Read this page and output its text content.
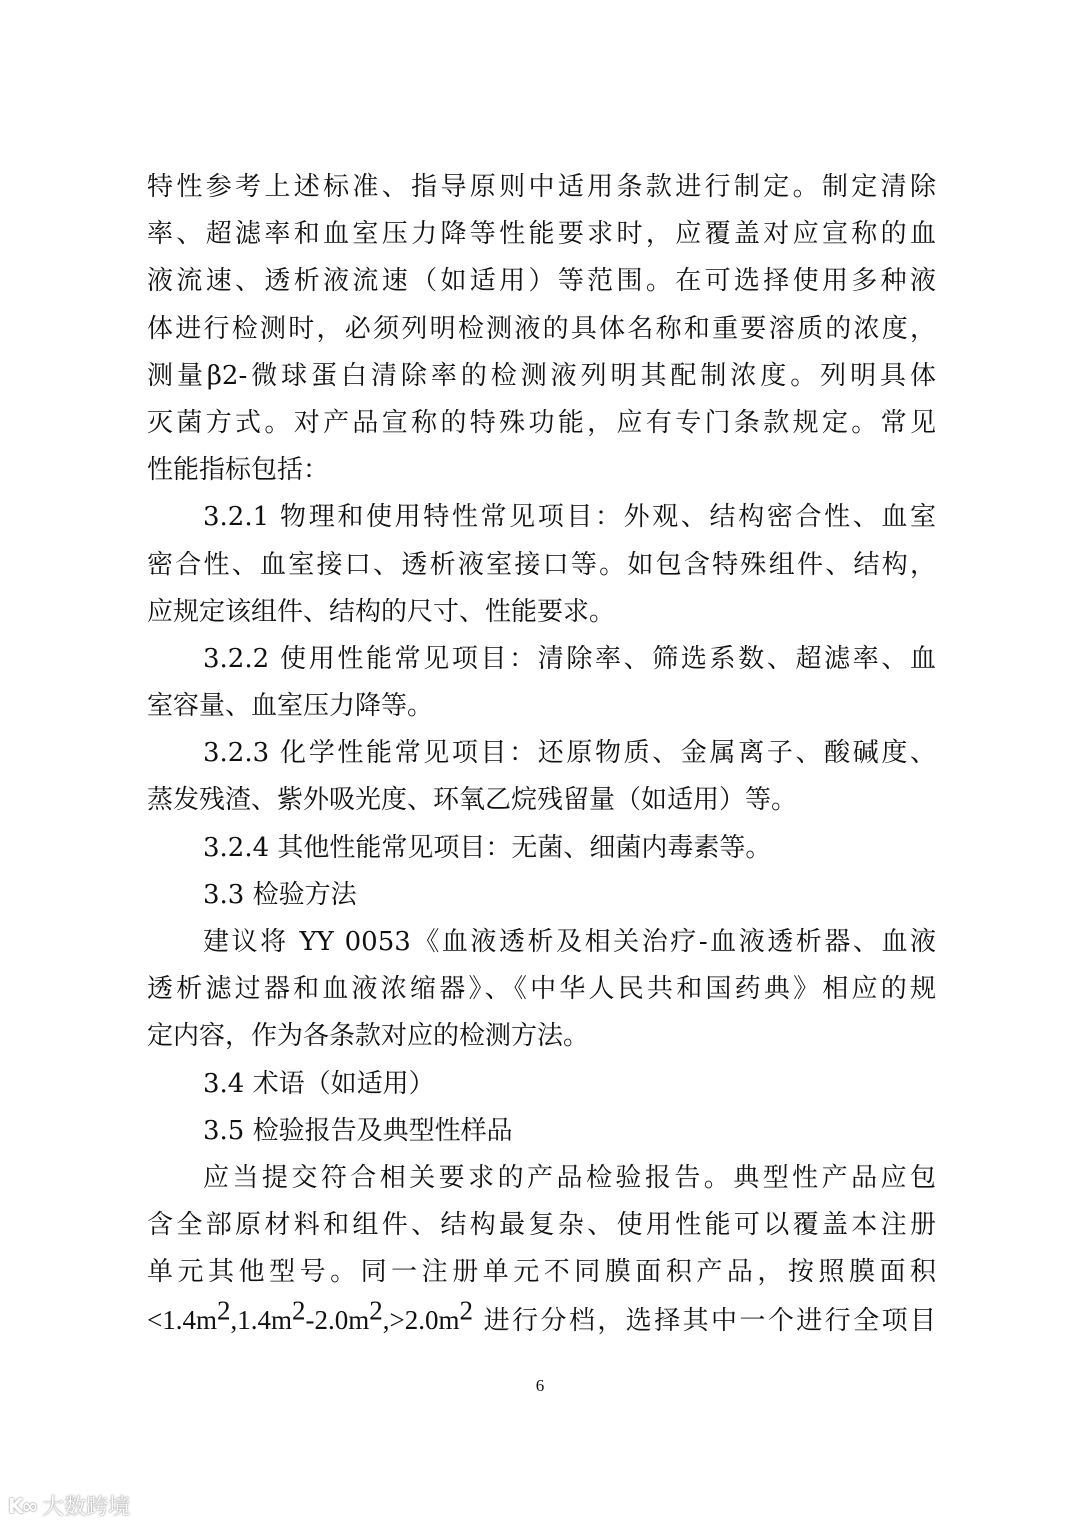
特性参考上述标准、指导原则中适用条款进行制定。制定清除
率、超滤率和血室压力降等性能要求时，应覆盖对应宣称的血
液流速、透析液流速（如适用）等范围。在可选择使用多种液
体进行检测时，必须列明检测液的具体名称和重要溶质的浓度，
测量β2-微球蛋白清除率的检测液列明其配制浓度。列明具体
灭菌方式。对产品宣称的特殊功能，应有专门条款规定。常见
性能指标包括：
3.2.1 物理和使用特性常见项目：外观、结构密合性、血室
密合性、血室接口、透析液室接口等。如包含特殊组件、结构，
应规定该组件、结构的尺寸、性能要求。
3.2.2 使用性能常见项目：清除率、筛选系数、超滤率、血
室容量、血室压力降等。
3.2.3 化学性能常见项目：还原物质、金属离子、酸碱度、
蒸发残渣、紫外吸光度、环氧乙烷残留量（如适用）等。
3.2.4 其他性能常见项目：无菌、细菌内毒素等。
3.3 检验方法
建议将 YY 0053《血液透析及相关治疗-血液透析器、血液
透析滤过器和血液浓缩器》、《中华人民共和国药典》相应的规
定内容，作为各条款对应的检测方法。
3.4 术语（如适用）
3.5 检验报告及典型性样品
应当提交符合相关要求的产品检验报告。典型性产品应包
含全部原材料和组件、结构最复杂、使用性能可以覆盖本注册
单元其他型号。同一注册单元不同膜面积产品，按照膜面积
$<1.4m^2,1.4m^2-2.0m^2,>2.0m^2$ 进行分档，选择其中一个进行全项目
6
K∞ 大数跨境
